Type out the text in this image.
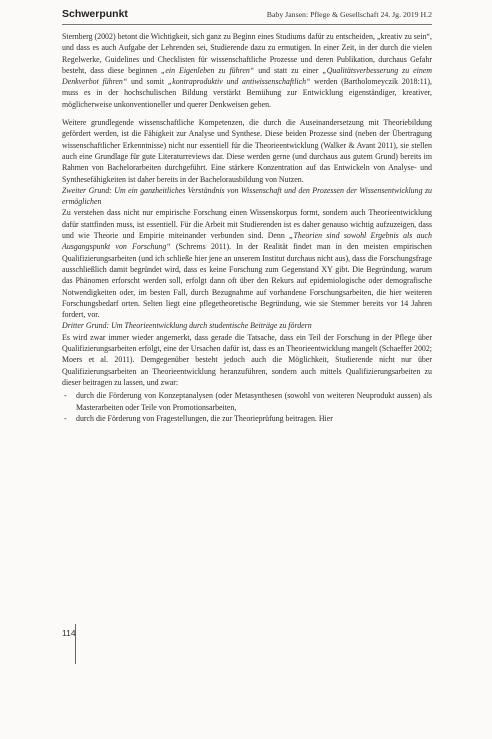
Schwerpunkt	Baby Jansen: Pflege & Gesellschaft 24. Jg. 2019 H.2

Sternberg (2002) betont die Wichtigkeit, sich ganz zu Beginn eines Studiums dafür zu entscheiden, „kreativ zu sein“, und dass es auch Aufgabe der Lehrenden sei, Studierende dazu zu ermutigen. In einer Zeit, in der durch die vielen Regelwerke, Guidelines und Checklisten für wissenschaftliche Prozesse und deren Publikation, durchaus Gefahr besteht, dass diese beginnen „ein Eigenleben zu führen“ und statt zu einer „Qualitätsverbesserung zu einem Denkverbot führen“ und somit „kontraproduktiv und antiwissenschaftlich“ werden (Bartholomeyczik 2018:11), muss es in der hochschulischen Bildung verstärkt Bemühung zur Entwicklung eigenständiger, kreativer, möglicherweise unkonventioneller und querer Denkweisen geben.

Weitere grundlegende wissenschaftliche Kompetenzen, die durch die Auseinandersetzung mit Theoriebildung gefördert werden, ist die Fähigkeit zur Analyse und Synthese. Diese beiden Prozesse sind (neben der Übertragung wissenschaftlicher Erkenntnisse) nicht nur essentiell für die Theorieentwicklung (Walker & Avant 2011), sie stellen auch eine Grundlage für gute Literaturreviews dar. Diese werden gerne (und durchaus aus gutem Grund) bereits im Rahmen von Bachelorarbeiten durchgeführt. Eine stärkere Konzentration auf das Entwickeln von Analyse- und Synthesefähigkeiten ist daher bereits in der Bachelorausbildung von Nutzen.

Zweiter Grund: Um ein ganzheitliches Verständnis von Wissenschaft und den Prozessen der Wissensentwicklung zu ermöglichen

Zu verstehen dass nicht nur empirische Forschung einen Wissenskorpus formt, sondern auch Theorieentwicklung dafür stattfinden muss, ist essentiell. Für die Arbeit mit Studierenden ist es daher genauso wichtig aufzuzeigen, dass und wie Theorie und Empirie miteinander verbunden sind. Denn „Theorien sind sowohl Ergebnis als auch Ausgangspunkt von Forschung“ (Schrems 2011). In der Realität findet man in den meisten empirischen Qualifizierungsarbeiten (und ich schließe hier jene an unserem Institut durchaus nicht aus), dass die Forschungsfrage ausschließlich damit begründet wird, dass es keine Forschung zum Gegenstand XY gibt. Die Begründung, warum das Phänomen erforscht werden soll, erfolgt dann oft über den Rekurs auf epidemiologische oder demografische Notwendigkeiten oder, im besten Fall, durch Bezugnahme auf vorhandene Forschungsarbeiten, die hier weiteren Forschungsbedarf orten. Selten liegt eine pflegetheoretische Begründung, wie sie Stemmer bereits vor 14 Jahren fordert, vor.

Dritter Grund: Um Theorieentwicklung durch studentische Beiträge zu fördern

Es wird zwar immer wieder angemerkt, dass gerade die Tatsache, dass ein Teil der Forschung in der Pflege über Qualifizierungsarbeiten erfolgt, eine der Ursachen dafür ist, dass es an Theorieentwicklung mangelt (Schaeffer 2002; Moers et al. 2011). Demgegenüber besteht jedoch auch die Möglichkeit, Studierende nicht nur über Qualifizierungsarbeiten an Theorieentwicklung heranzuführen, sondern auch mittels Qualifizierungsarbeiten zu dieser beitragen zu lassen, und zwar:

- durch die Förderung von Konzeptanalysen (oder Metasynthesen (sowohl von weiteren Neuprodukt aussen) als Masterarbeiten oder Teile von Promotionsarbeiten,
- durch die Förderung von Fragestellungen, die zur Theorieprüfung beitragen. Hier
114
